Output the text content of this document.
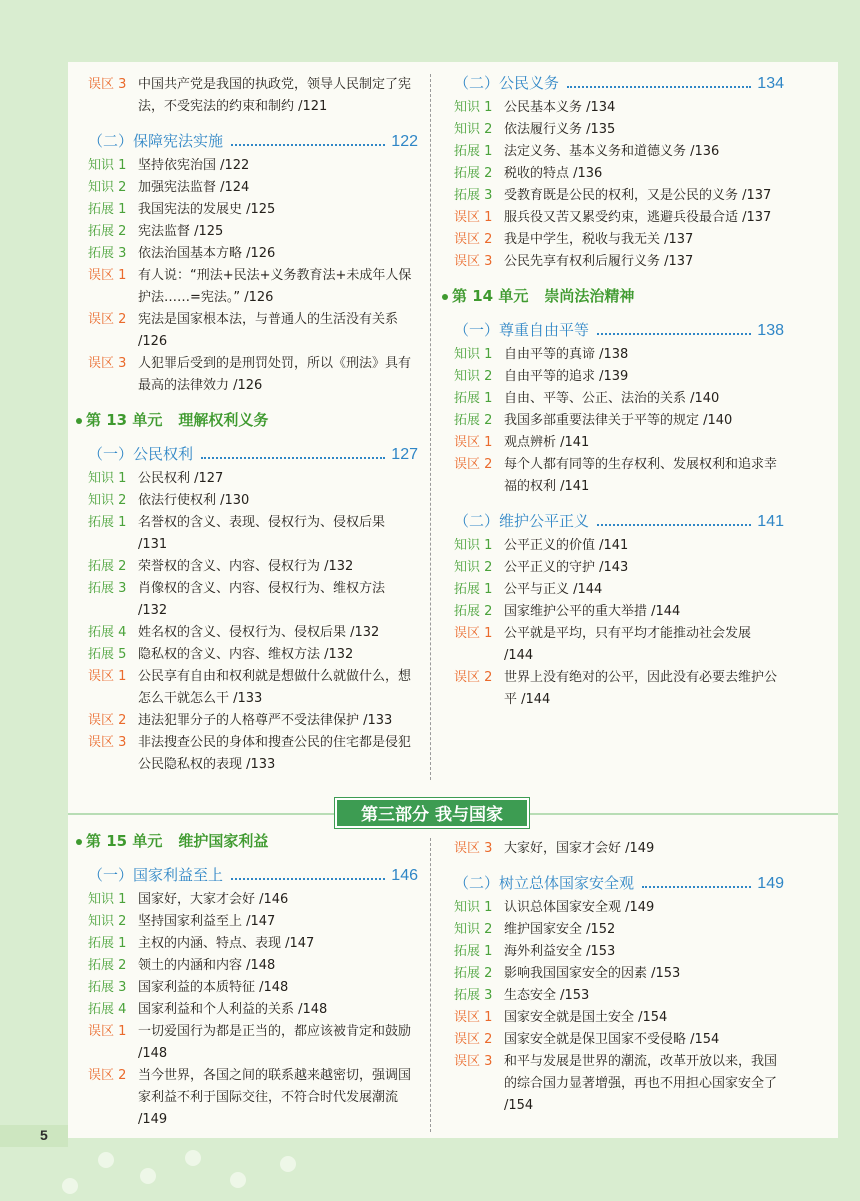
误区 3 中国共产党是我国的执政党，领导人民制定了宪法，不受宪法的约束和制约 /121
（二）保障宪法实施	122
知识 1 坚持依宪治国 /122
知识 2 加强宪法监督 /124
拓展 1 我国宪法的发展史 /125
拓展 2 宪法监督 /125
拓展 3 依法治国基本方略 /126
误区 1 有人说：“刑法+民法+义务教育法+未成年人保护法……=宪法。” /126
误区 2 宪法是国家根本法，与普通人的生活没有关系 /126
误区 3 人犯罪后受到的是刑罚处罚，所以《刑法》具有最高的法律效力 /126
第 13 单元 理解权利义务
（一）公民权利	127
知识 1 公民权利 /127
知识 2 依法行使权利 /130
拓展 1 名誉权的含义、表现、侵权行为、侵权后果 /131
拓展 2 荣誉权的含义、内容、侵权行为 /132
拓展 3 肖像权的含义、内容、侵权行为、维权方法 /132
拓展 4 姓名权的含义、侵权行为、侵权后果 /132
拓展 5 隐私权的含义、内容、维权方法 /132
误区 1 公民享有自由和权利就是想做什么就做什么，想怎么干就怎么干 /133
误区 2 违法犯罪分子的人格尊严不受法律保护 /133
误区 3 非法搜查公民的身体和搜查公民的住宅都是侵犯公民隐私权的表现 /133
（二）公民义务	134
知识 1 公民基本义务 /134
知识 2 依法履行义务 /135
拓展 1 法定义务、基本义务和道德义务 /136
拓展 2 税收的特点 /136
拓展 3 受教育既是公民的权利，又是公民的义务 /137
误区 1 服兵役又苦又累受约束，逃避兵役最合适 /137
误区 2 我是中学生，税收与我无关 /137
误区 3 公民先享有权利后履行义务 /137
第 14 单元 崇尚法治精神
（一）尊重自由平等	138
知识 1 自由平等的真谛 /138
知识 2 自由平等的追求 /139
拓展 1 自由、平等、公正、法治的关系 /140
拓展 2 我国多部重要法律关于平等的规定 /140
误区 1 观点辨析 /141
误区 2 每个人都有同等的生存权利、发展权利和追求幸福的权利 /141
（二）维护公平正义	141
知识 1 公平正义的价值 /141
知识 2 公平正义的守护 /143
拓展 1 公平与正义 /144
拓展 2 国家维护公平的重大举措 /144
误区 1 公平就是平均，只有平均才能推动社会发展 /144
误区 2 世界上没有绝对的公平，因此没有必要去维护公平 /144
第三部分 我与国家
第 15 单元 维护国家利益
（一）国家利益至上	146
知识 1 国家好，大家才会好 /146
知识 2 坚持国家利益至上 /147
拓展 1 主权的内涵、特点、表现 /147
拓展 2 领土的内涵和内容 /148
拓展 3 国家利益的本质特征 /148
拓展 4 国家利益和个人利益的关系 /148
误区 1 一切爱国行为都是正当的，都应该被肯定和鼓励 /148
误区 2 当今世界，各国之间的联系越来越密切，强调国家利益不利于国际交往，不符合时代发展潮流 /149
误区 3 大家好，国家才会好 /149
（二）树立总体国家安全观	149
知识 1 认识总体国家安全观 /149
知识 2 维护国家安全 /152
拓展 1 海外利益安全 /153
拓展 2 影响我国国家安全的因素 /153
拓展 3 生态安全 /153
误区 1 国家安全就是国土安全 /154
误区 2 国家安全就是保卫国家不受侵略 /154
误区 3 和平与发展是世界的潮流，改革开放以来，我国的综合国力显著增强，再也不用担心国家安全了 /154
5
